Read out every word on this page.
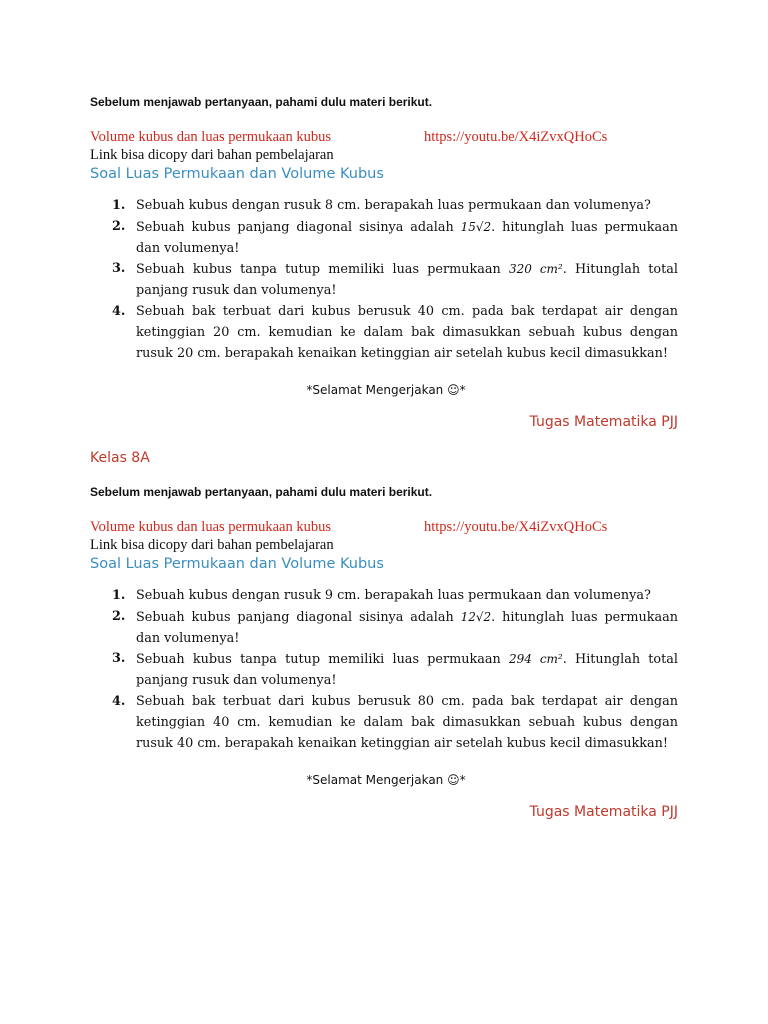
Sebelum menjawab pertanyaan, pahami dulu materi berikut.

Volume kubus dan luas permukaan kubus	https://youtu.be/X4iZvxQHoCs
Link bisa dicopy dari bahan pembelajaran
Soal Luas Permukaan dan Volume Kubus
1. Sebuah kubus dengan rusuk 8 cm. berapakah luas permukaan dan volumenya?
2. Sebuah kubus panjang diagonal sisinya adalah 15√2. hitunglah luas permukaan dan volumenya!
3. Sebuah kubus tanpa tutup memiliki luas permukaan 320 cm². Hitunglah total panjang rusuk dan volumenya!
4. Sebuah bak terbuat dari kubus berusuk 40 cm. pada bak terdapat air dengan ketinggian 20 cm. kemudian ke dalam bak dimasukkan sebuah kubus dengan rusuk 20 cm. berapakah kenaikan ketinggian air setelah kubus kecil dimasukkan!
*Selamat Mengerjakan ☺*
Tugas Matematika PJJ
Kelas 8A

Sebelum menjawab pertanyaan, pahami dulu materi berikut.

Volume kubus dan luas permukaan kubus	https://youtu.be/X4iZvxQHoCs
Link bisa dicopy dari bahan pembelajaran
Soal Luas Permukaan dan Volume Kubus
1. Sebuah kubus dengan rusuk 9 cm. berapakah luas permukaan dan volumenya?
2. Sebuah kubus panjang diagonal sisinya adalah 12√2. hitunglah luas permukaan dan volumenya!
3. Sebuah kubus tanpa tutup memiliki luas permukaan 294 cm². Hitunglah total panjang rusuk dan volumenya!
4. Sebuah bak terbuat dari kubus berusuk 80 cm. pada bak terdapat air dengan ketinggian 40 cm. kemudian ke dalam bak dimasukkan sebuah kubus dengan rusuk 40 cm. berapakah kenaikan ketinggian air setelah kubus kecil dimasukkan!
*Selamat Mengerjakan ☺*
Tugas Matematika PJJ
